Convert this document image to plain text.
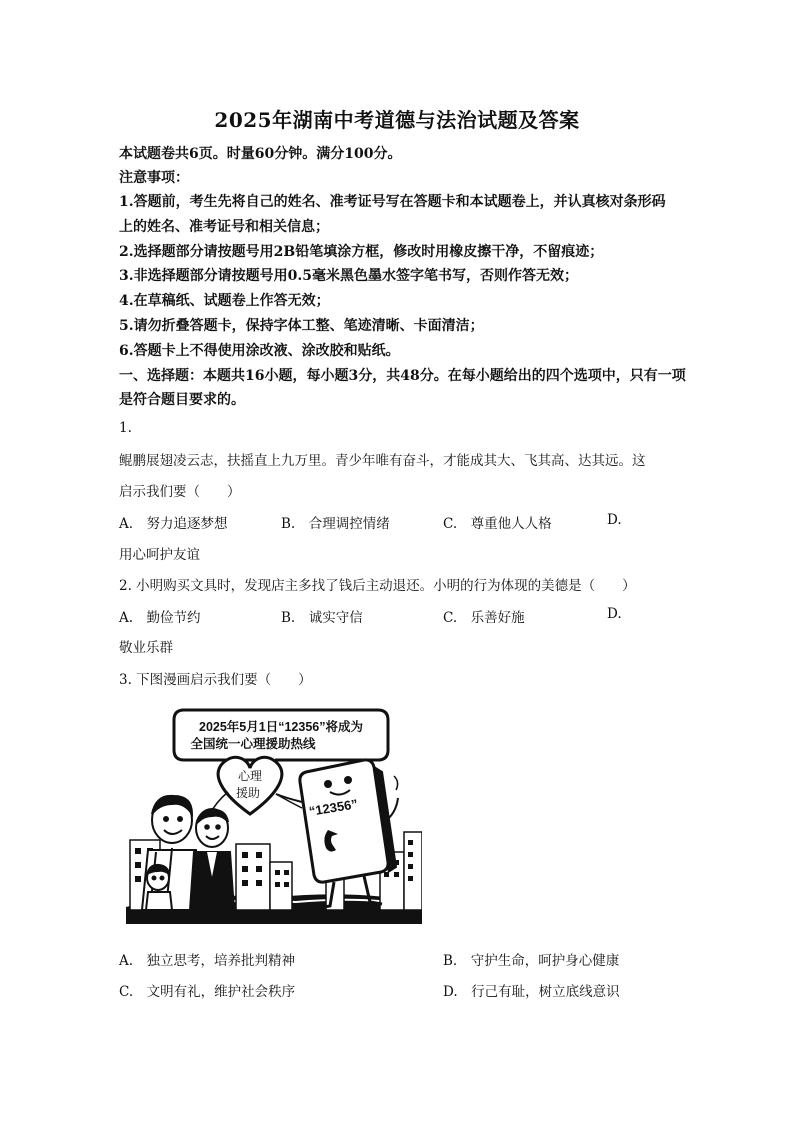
2025年湖南中考道德与法治试题及答案
本试题卷共6页。时量60分钟。满分100分。
注意事项：
1.答题前，考生先将自己的姓名、准考证号写在答题卡和本试题卷上，并认真核对条形码
上的姓名、准考证号和相关信息；
2.选择题部分请按题号用2B铅笔填涂方框，修改时用橡皮擦干净，不留痕迹；
3.非选择题部分请按题号用0.5毫米黑色墨水签字笔书写，否则作答无效；
4.在草稿纸、试题卷上作答无效；
5.请勿折叠答题卡，保持字体工整、笔迹清晰、卡面清洁；
6.答题卡上不得使用涂改液、涂改胶和贴纸。
一、选择题：本题共16小题，每小题3分，共48分。在每小题给出的四个选项中，只有一项
是符合题目要求的。
1.
鲲鹏展翅凌云志，扶摇直上九万里。青少年唯有奋斗，才能成其大、飞其高、达其远。这
启示我们要（　　）
A.　努力追逐梦想	B.　合理调控情绪	C.　尊重他人人格	D.
用心呵护友谊
2. 小明购买文具时，发现店主多找了钱后主动退还。小明的行为体现的美德是（　　）
A.　勤俭节约	B.　诚实守信	C.　乐善好施	D.
敬业乐群
3. 下图漫画启示我们要（　　）
2025年5月1日“12356”将成为
全国统一心理援助热线
心理
援助
“12356”
A.　独立思考，培养批判精神	B.　守护生命，呵护身心健康
C.　文明有礼，维护社会秩序	D.　行己有耻，树立底线意识
